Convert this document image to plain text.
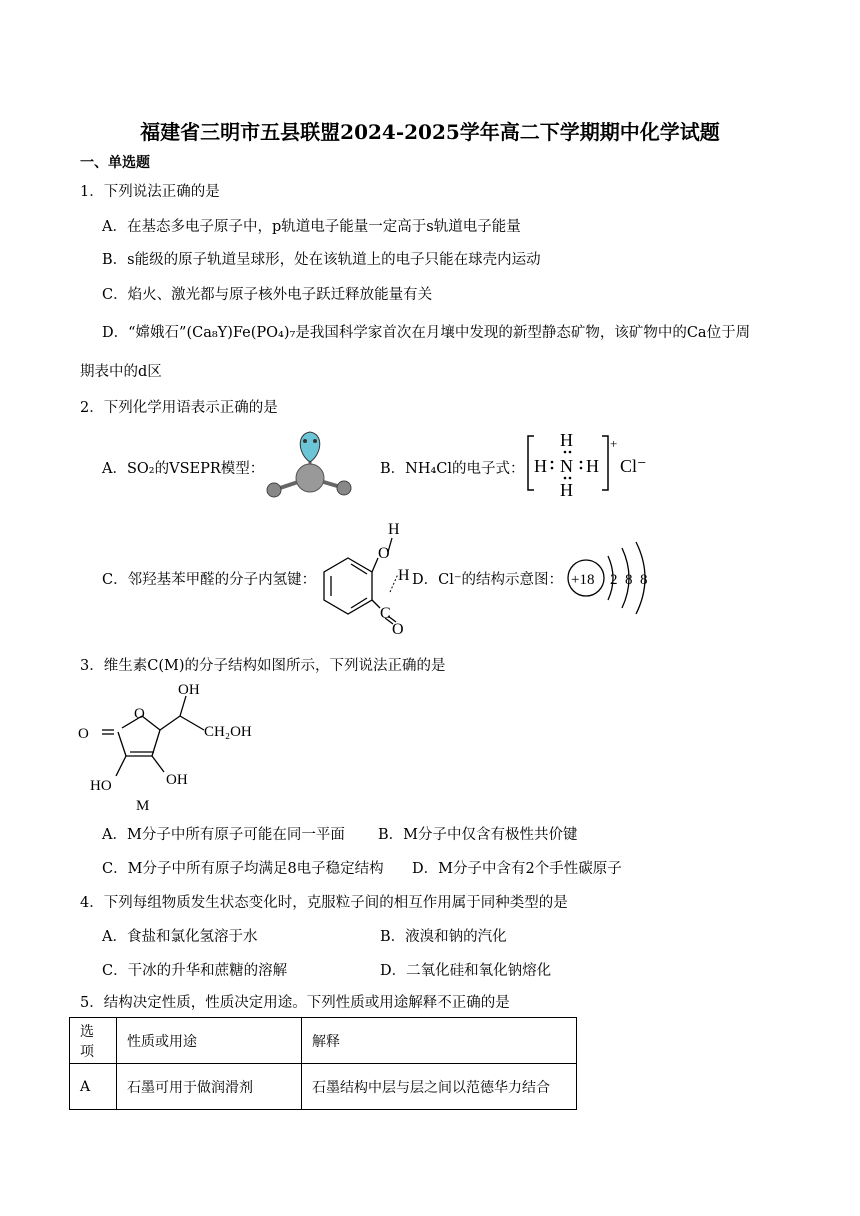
福建省三明市五县联盟2024-2025学年高二下学期期中化学试题
一、单选题
1．下列说法正确的是
A．在基态多电子原子中，p轨道电子能量一定高于s轨道电子能量
B．s能级的原子轨道呈球形，处在该轨道上的电子只能在球壳内运动
C．焰火、激光都与原子核外电子跃迁释放能量有关
D．“嫦娥石”(Ca₈Y)Fe(PO₄)₇是我国科学家首次在月壤中发现的新型静态矿物，该矿物中的Ca位于周
期表中的d区
2．下列化学用语表示正确的是
A．SO₂的VSEPR模型：	B．NH₄Cl的电子式：
H
H N H
H
+
Cl⁻
C．邻羟基苯甲醛的分子内氢键：
O
H
H
C
O
D．Cl⁻的结构示意图： +18 2 8 8
3．维生素C(M)的分子结构如图所示，下列说法正确的是
O
OH
CH₂OH
O
HO	OH
M
A．M分子中所有原子可能在同一平面 B．M分子中仅含有极性共价键
C．M分子中所有原子均满足8电子稳定结构 D．M分子中含有2个手性碳原子
4．下列每组物质发生状态变化时，克服粒子间的相互作用属于同种类型的是
A．食盐和氯化氢溶于水	B．液溴和钠的汽化
C．干冰的升华和蔗糖的溶解	D．二氧化硅和氧化钠熔化
5．结构决定性质，性质决定用途。下列性质或用途解释不正确的是
选项	性质或用途	解释
A	石墨可用于做润滑剂	石墨结构中层与层之间以范德华力结合
